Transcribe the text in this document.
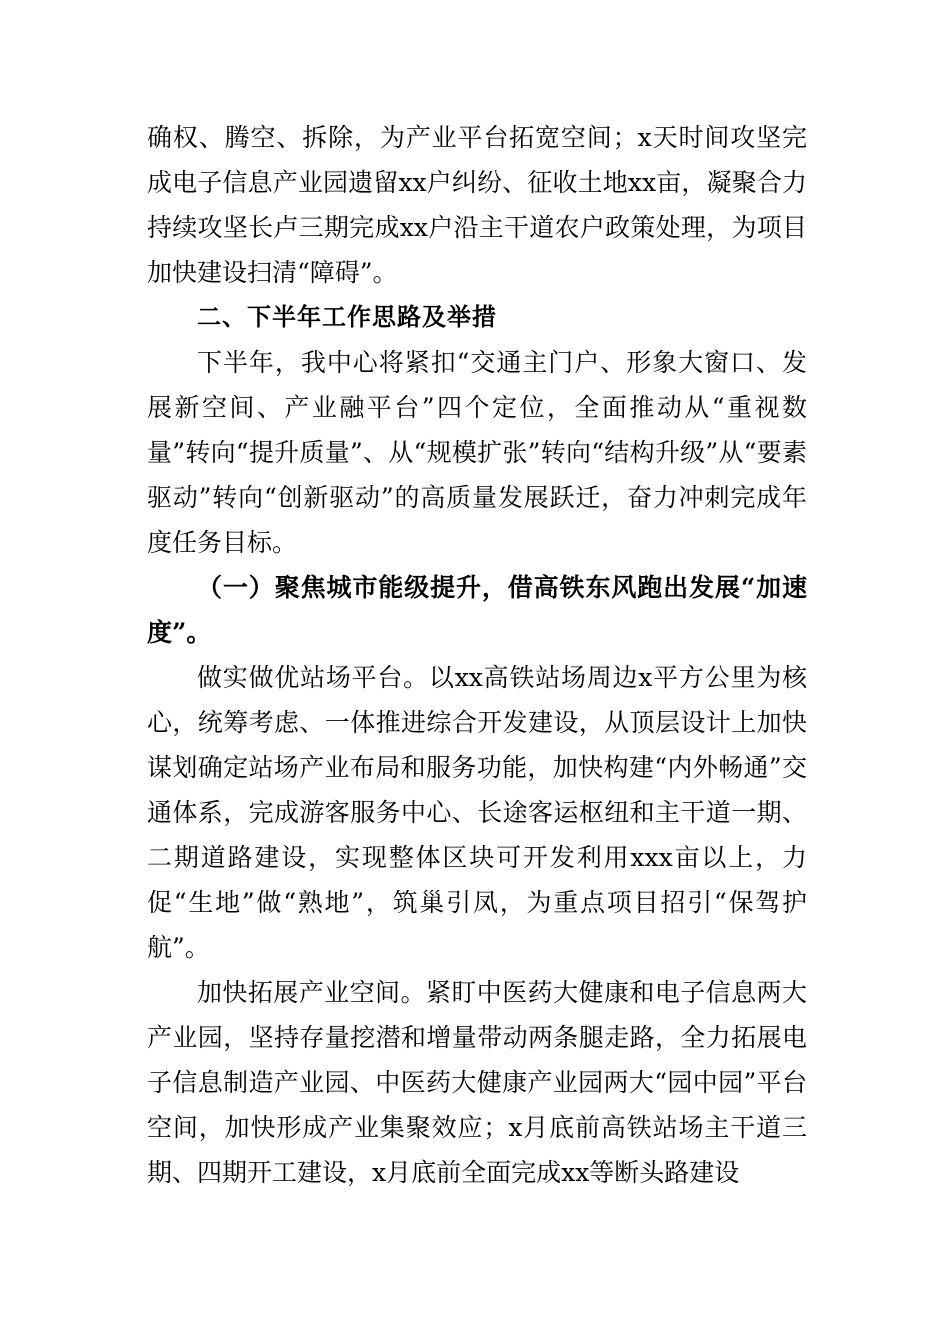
确权、腾空、拆除，为产业平台拓宽空间；x天时间攻坚完成电子信息产业园遗留xx户纠纷、征收土地xx亩，凝聚合力持续攻坚长卢三期完成xx户沿主干道农户政策处理，为项目加快建设扫清“障碍”。

二、下半年工作思路及举措

下半年，我中心将紧扣“交通主门户、形象大窗口、发展新空间、产业融平台”四个定位，全面推动从“重视数量”转向“提升质量”、从“规模扩张”转向“结构升级”从“要素驱动”转向“创新驱动”的高质量发展跃迁，奋力冲刺完成年度任务目标。

（一）聚焦城市能级提升，借高铁东风跑出发展“加速度”。

做实做优站场平台。以xx高铁站场周边x平方公里为核心，统筹考虑、一体推进综合开发建设，从顶层设计上加快谋划确定站场产业布局和服务功能，加快构建“内外畅通”交通体系，完成游客服务中心、长途客运枢纽和主干道一期、二期道路建设，实现整体区块可开发利用xxx亩以上，力促“生地”做“熟地”，筑巢引凤，为重点项目招引“保驾护航”。

加快拓展产业空间。紧盯中医药大健康和电子信息两大产业园，坚持存量挖潜和增量带动两条腿走路，全力拓展电子信息制造产业园、中医药大健康产业园两大“园中园”平台空间，加快形成产业集聚效应；x月底前高铁站场主干道三期、四期开工建设，x月底前全面完成xx等断头路建设
